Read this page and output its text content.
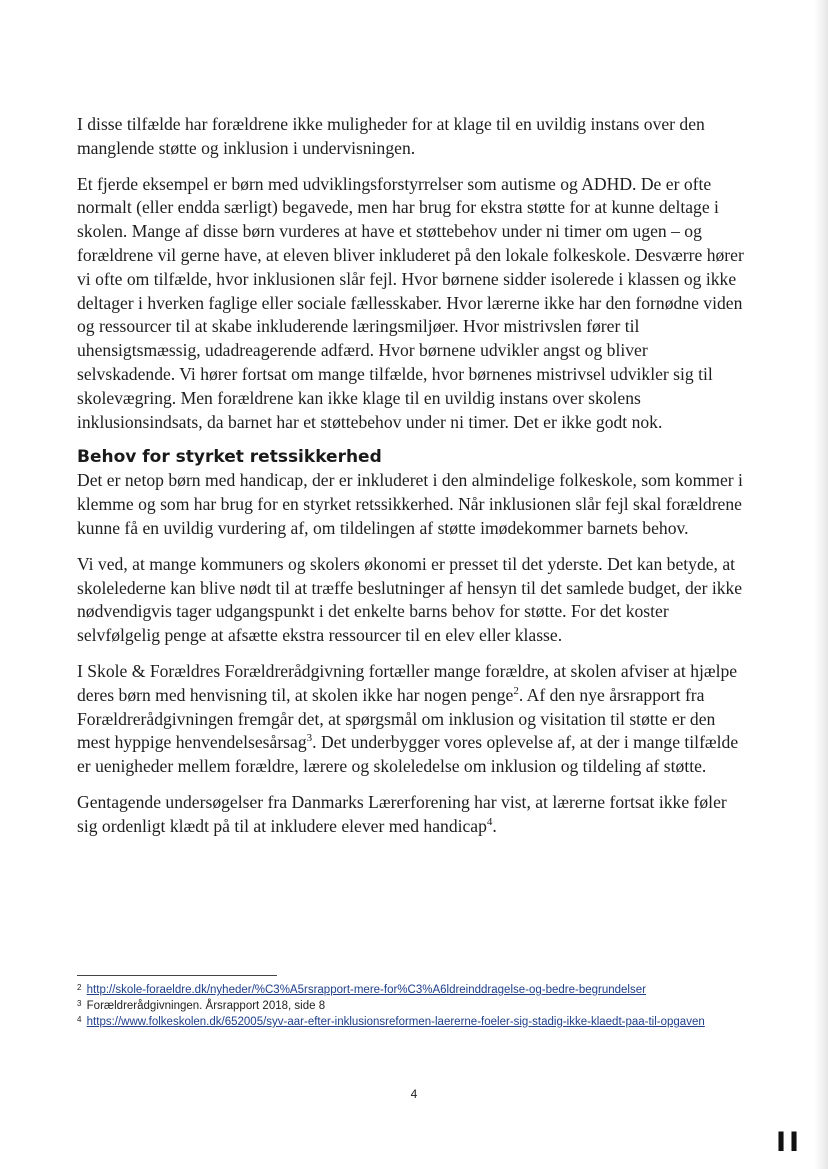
I disse tilfælde har forældrene ikke muligheder for at klage til en uvildig instans over den manglende støtte og inklusion i undervisningen.

Et fjerde eksempel er børn med udviklingsforstyrrelser som autisme og ADHD. De er ofte normalt (eller endda særligt) begavede, men har brug for ekstra støtte for at kunne deltage i skolen. Mange af disse børn vurderes at have et støttebehov under ni timer om ugen – og forældrene vil gerne have, at eleven bliver inkluderet på den lokale folkeskole. Desværre hører vi ofte om tilfælde, hvor inklusionen slår fejl. Hvor børnene sidder isolerede i klassen og ikke deltager i hverken faglige eller sociale fællesskaber. Hvor lærerne ikke har den fornødne viden og ressourcer til at skabe inkluderende læringsmiljøer. Hvor mistrivslen fører til uhensigtsmæssig, udadreagerende adfærd. Hvor børnene udvikler angst og bliver selvskadende. Vi hører fortsat om mange tilfælde, hvor børnenes mistrivsel udvikler sig til skolevægring. Men forældrene kan ikke klage til en uvildig instans over skolens inklusionsindsats, da barnet har et støttebehov under ni timer. Det er ikke godt nok.

Behov for styrket retssikkerhed

Det er netop børn med handicap, der er inkluderet i den almindelige folkeskole, som kommer i klemme og som har brug for en styrket retssikkerhed. Når inklusionen slår fejl skal forældrene kunne få en uvildig vurdering af, om tildelingen af støtte imødekommer barnets behov.

Vi ved, at mange kommuners og skolers økonomi er presset til det yderste. Det kan betyde, at skolelederne kan blive nødt til at træffe beslutninger af hensyn til det samlede budget, der ikke nødvendigvis tager udgangspunkt i det enkelte barns behov for støtte. For det koster selvfølgelig penge at afsætte ekstra ressourcer til en elev eller klasse.

I Skole & Forældres Forældrerådgivning fortæller mange forældre, at skolen afviser at hjælpe deres børn med henvisning til, at skolen ikke har nogen penge$^2$. Af den nye årsrapport fra Forældrerådgivningen fremgår det, at spørgsmål om inklusion og visitation til støtte er den mest hyppige henvendelsesårsag$^3$. Det underbygger vores oplevelse af, at der i mange tilfælde er uenigheder mellem forældre, lærere og skoleledelse om inklusion og tildeling af støtte.

Gentagende undersøgelser fra Danmarks Lærerforening har vist, at lærerne fortsat ikke føler sig ordenligt klædt på til at inkludere elever med handicap$^4$.

$^2$ http://skole-foraeldre.dk/nyheder/%C3%A5rsrapport-mere-for%C3%A6ldreinddragelse-og-bedre-begrundelser

$^3$ Forældrerådgivningen. Årsrapport 2018, side 8

$^4$ https://www.folkeskolen.dk/652005/syv-aar-efter-inklusionsreformen-laererne-foeler-sig-stadig-ikke-klaedt-paa-til-opgaven

4
II
